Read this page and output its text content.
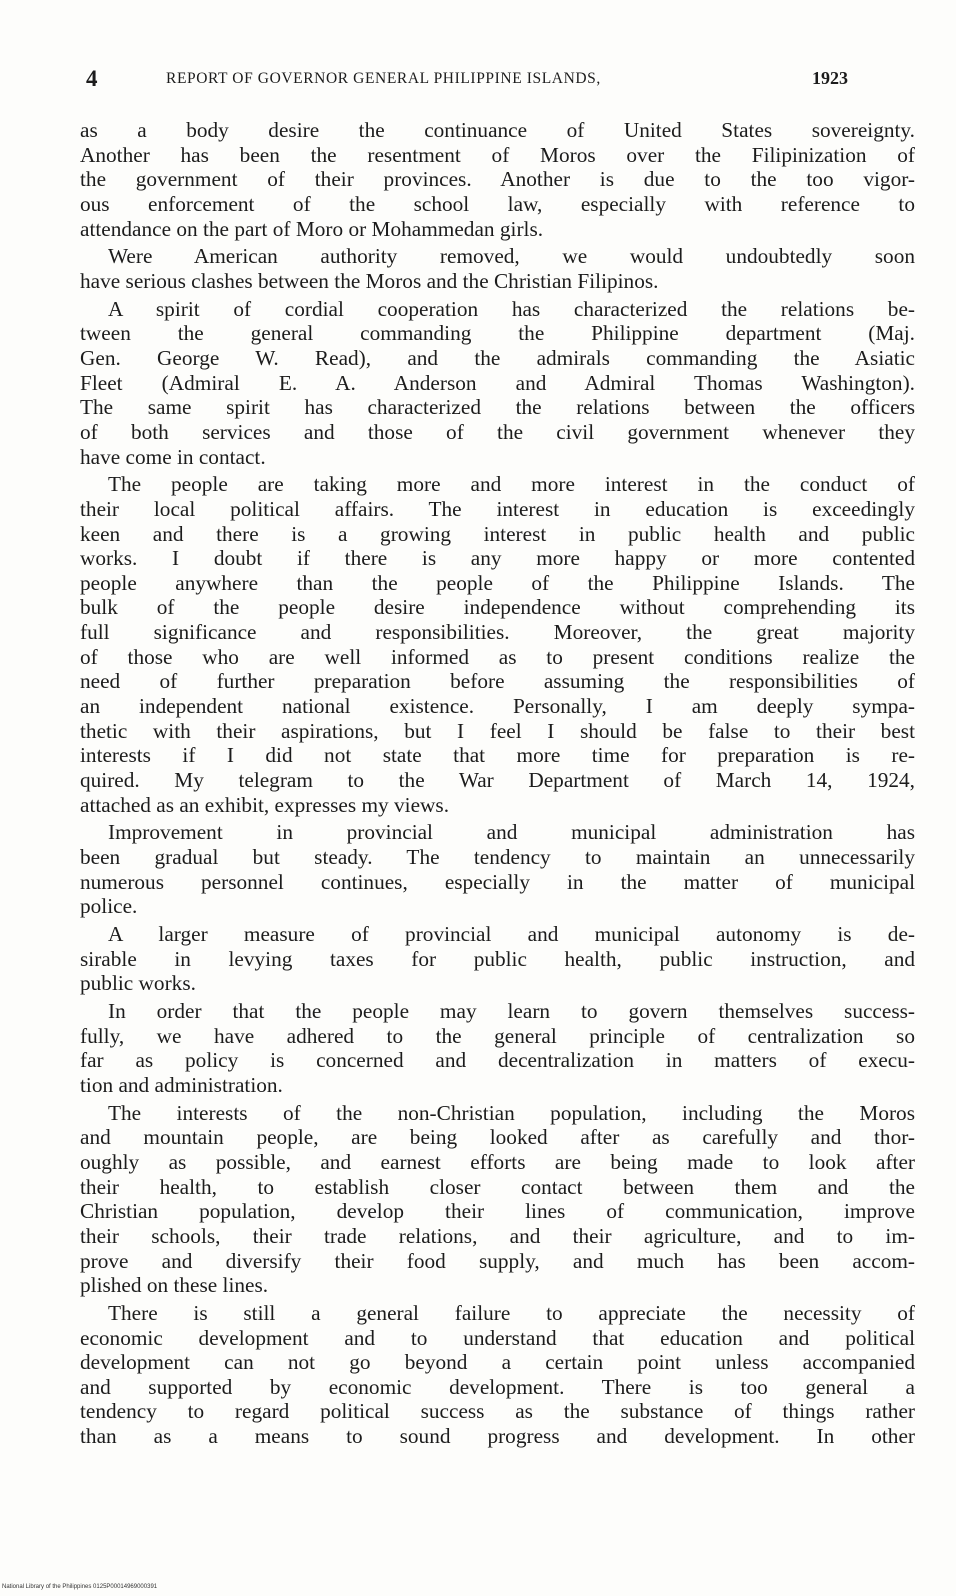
4	REPORT OF GOVERNOR GENERAL PHILIPPINE ISLANDS,	1923

as a body desire the continuance of United States sovereignty.
Another has been the resentment of Moros over the Filipinization of
the government of their provinces. Another is due to the too vigor-
ous enforcement of the school law, especially with reference to
attendance on the part of Moro or Mohammedan girls.

Were American authority removed, we would undoubtedly soon
have serious clashes between the Moros and the Christian Filipinos.

A spirit of cordial cooperation has characterized the relations be-
tween the general commanding the Philippine department (Maj.
Gen. George W. Read), and the admirals commanding the Asiatic
Fleet (Admiral E. A. Anderson and Admiral Thomas Washington).
The same spirit has characterized the relations between the officers
of both services and those of the civil government whenever they
have come in contact.

The people are taking more and more interest in the conduct of
their local political affairs. The interest in education is exceedingly
keen and there is a growing interest in public health and public
works. I doubt if there is any more happy or more contented
people anywhere than the people of the Philippine Islands. The
bulk of the people desire independence without comprehending its
full significance and responsibilities. Moreover, the great majority
of those who are well informed as to present conditions realize the
need of further preparation before assuming the responsibilities of
an independent national existence. Personally, I am deeply sympa-
thetic with their aspirations, but I feel I should be false to their best
interests if I did not state that more time for preparation is re-
quired. My telegram to the War Department of March 14, 1924,
attached as an exhibit, expresses my views.

Improvement in provincial and municipal administration has
been gradual but steady. The tendency to maintain an unnecessarily
numerous personnel continues, especially in the matter of municipal
police.

A larger measure of provincial and municipal autonomy is de-
sirable in levying taxes for public health, public instruction, and
public works.

In order that the people may learn to govern themselves success-
fully, we have adhered to the general principle of centralization so
far as policy is concerned and decentralization in matters of execu-
tion and administration.

The interests of the non-Christian population, including the Moros
and mountain people, are being looked after as carefully and thor-
oughly as possible, and earnest efforts are being made to look after
their health, to establish closer contact between them and the
Christian population, develop their lines of communication, improve
their schools, their trade relations, and their agriculture, and to im-
prove and diversify their food supply, and much has been accom-
plished on these lines.

There is still a general failure to appreciate the necessity of
economic development and to understand that education and political
development can not go beyond a certain point unless accompanied
and supported by economic development. There is too general a
tendency to regard political success as the substance of things rather
than as a means to sound progress and development. In other

National Library of the Philippines 0125P00014969000391
